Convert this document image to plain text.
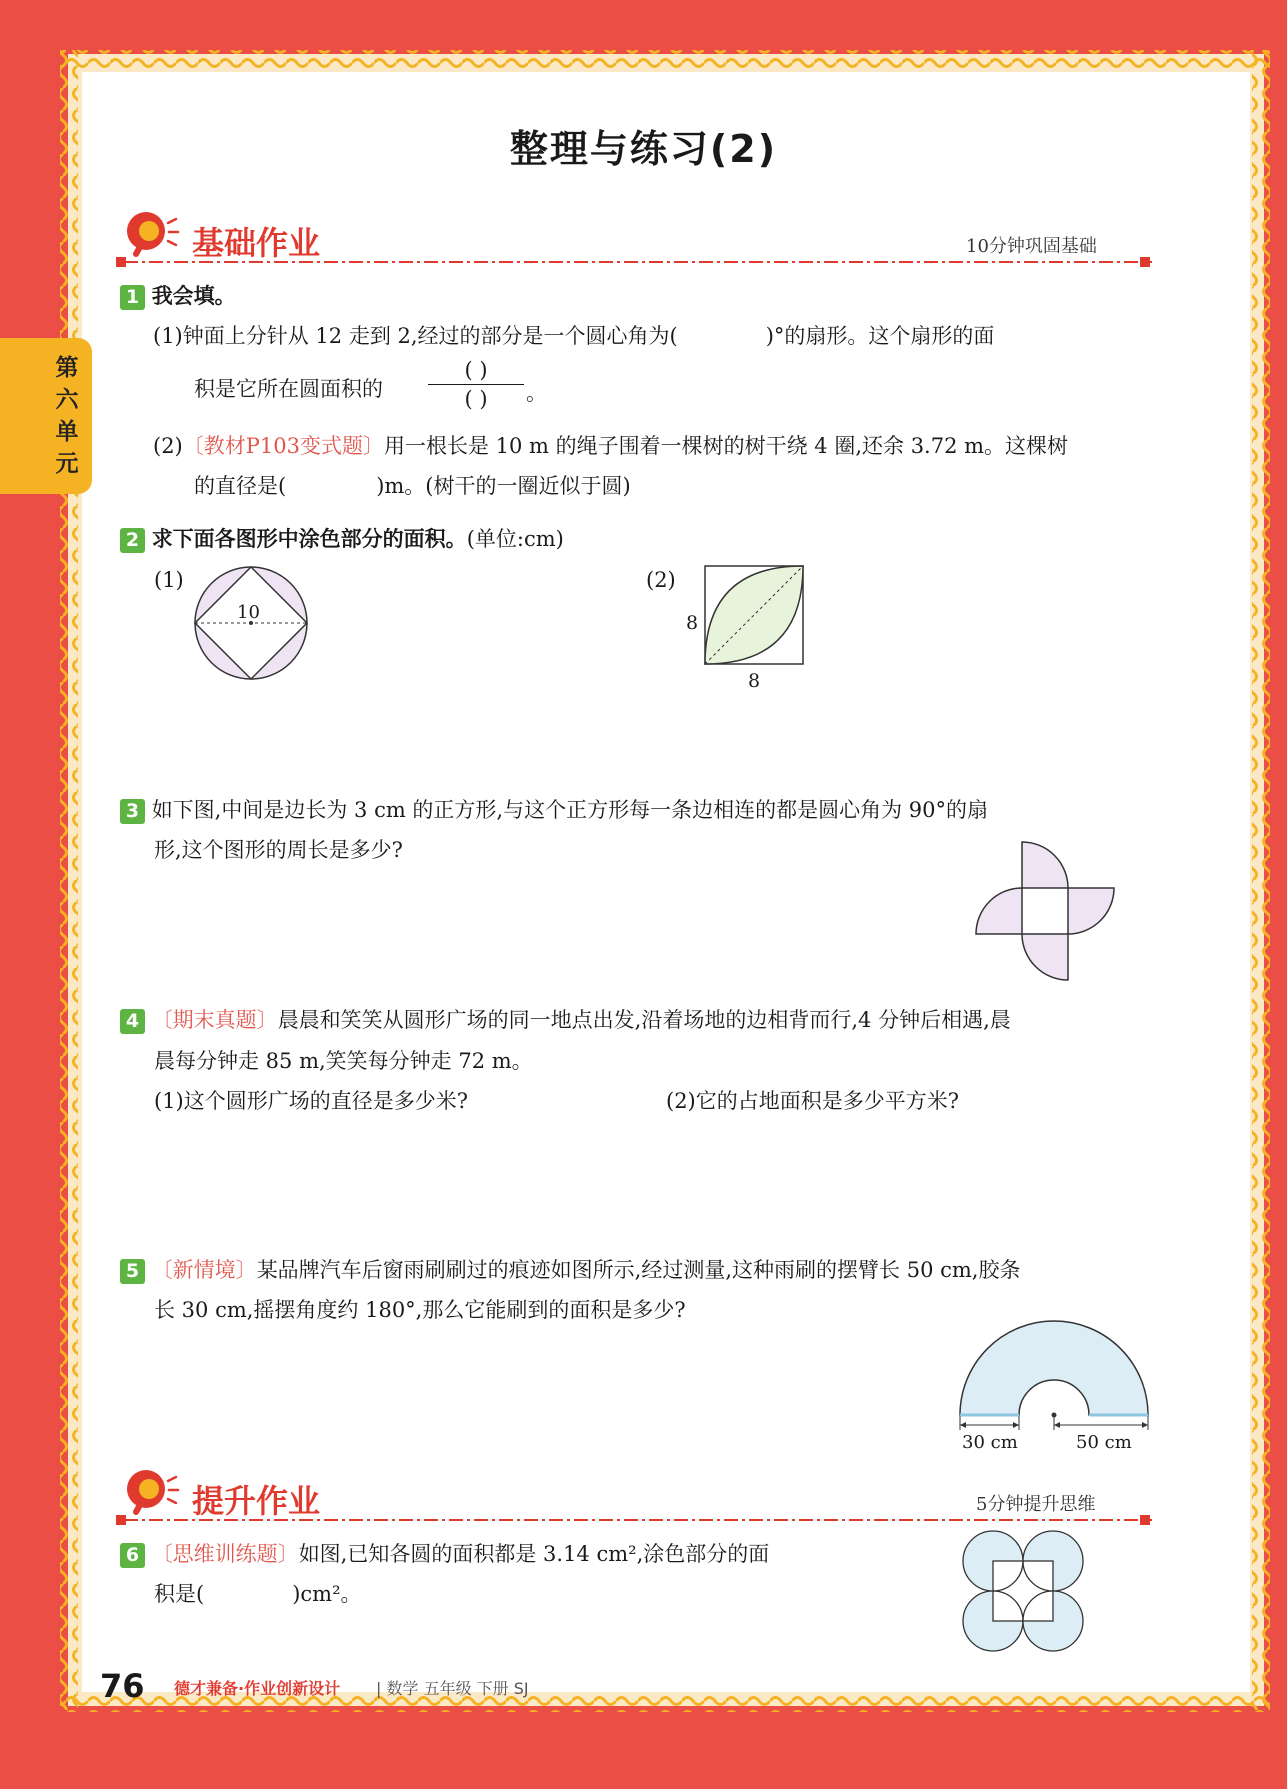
第六单元
整理与练习(2)
基础作业	10分钟巩固基础
1 我会填。
(1)钟面上分针从 12 走到 2,经过的部分是一个圆心角为(	)°的扇形。这个扇形的面
积是它所在圆面积的
( )
( )	。
(2)〔教材P103变式题〕用一根长是 10 m 的绳子围着一棵树的树干绕 4 圈,还余 3.72 m。这棵树
的直径是(	)m。(树干的一圈近似于圆)
2 求下面各图形中涂色部分的面积。(单位:cm)
(1)
10
(2)
8
8
3 如下图,中间是边长为 3 cm 的正方形,与这个正方形每一条边相连的都是圆心角为 90°的扇
形,这个图形的周长是多少?
4 〔期末真题〕晨晨和笑笑从圆形广场的同一地点出发,沿着场地的边相背而行,4 分钟后相遇,晨
晨每分钟走 85 m,笑笑每分钟走 72 m。
(1)这个圆形广场的直径是多少米?	(2)它的占地面积是多少平方米?
5 〔新情境〕某品牌汽车后窗雨刷刷过的痕迹如图所示,经过测量,这种雨刷的摆臂长 50 cm,胶条
长 30 cm,摇摆角度约 180°,那么它能刷到的面积是多少?
30 cm	50 cm
提升作业	5分钟提升思维
6 〔思维训练题〕如图,已知各圆的面积都是 3.14 cm²,涂色部分的面
积是(	)cm²。
76 德才兼备·作业创新设计 | 数学 五年级 下册 SJ
